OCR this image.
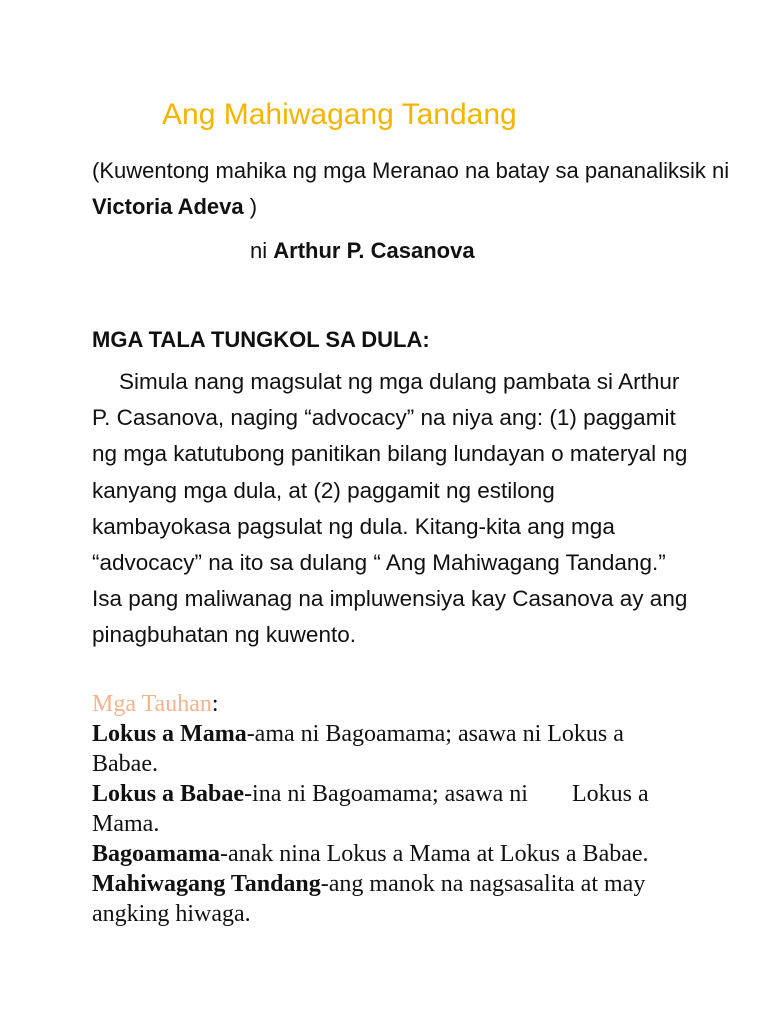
Ang Mahiwagang Tandang
(Kuwentong mahika ng mga Meranao na batay sa pananaliksik ni Victoria Adeva )
ni Arthur P. Casanova
MGA TALA TUNGKOL SA DULA:

Simula nang magsulat ng mga dulang pambata si Arthur P. Casanova, naging “advocacy” na niya ang: (1) paggamit ng mga katutubong panitikan bilang lundayan o materyal ng kanyang mga dula, at (2) paggamit ng estilong kambayokasa pagsulat ng dula. Kitang-kita ang mga “advocacy” na ito sa dulang “ Ang Mahiwagang Tandang.” Isa pang maliwanag na impluwensiya kay Casanova ay ang pinagbuhatan ng kuwento.

Mga Tauhan:
Lokus a Mama-ama ni Bagoamama; asawa ni Lokus a Babae.
Lokus a Babae-ina ni Bagoamama; asawa ni Lokus a Mama.
Bagoamama-anak nina Lokus a Mama at Lokus a Babae.
Mahiwagang Tandang-ang manok na nagsasalita at may angking hiwaga.
